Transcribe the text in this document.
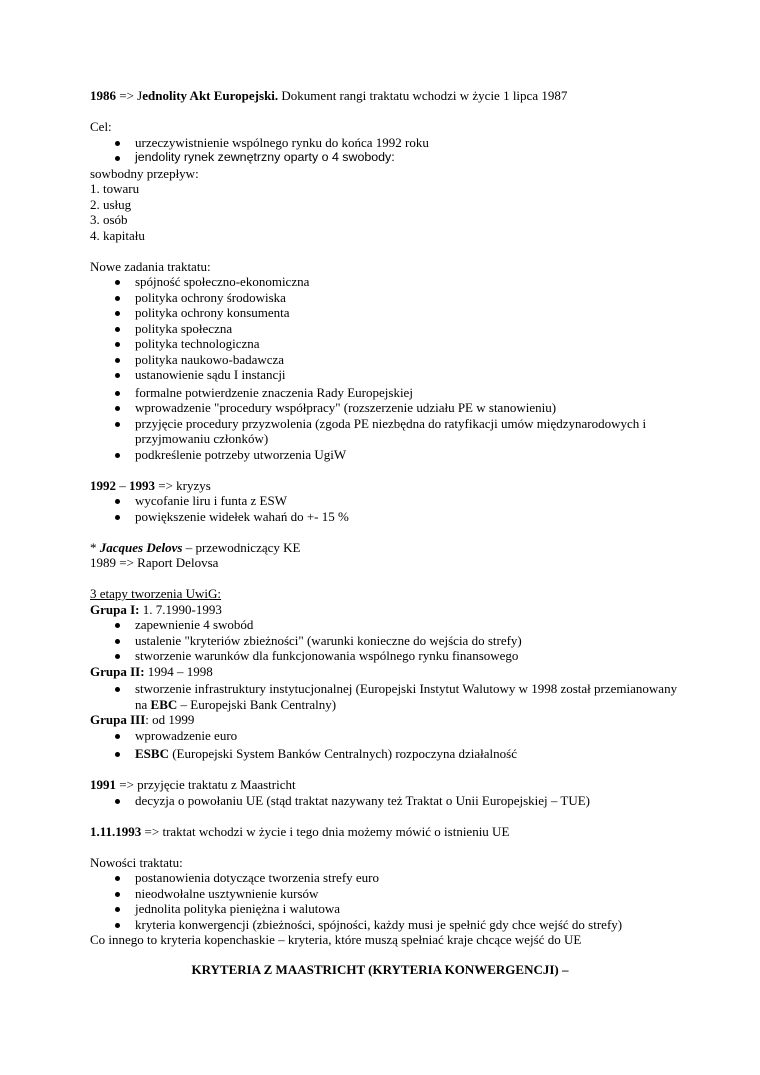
1986 => Jednolity Akt Europejski. Dokument rangi traktatu wchodzi w życie 1 lipca 1987

Cel:

urzeczywistnienie wspólnego rynku do końca 1992 roku
jendolity rynek zewnętrzny oparty o 4 swobody:

sowbodny przepływ:

1. towaru

2. usług

3. osób

4. kapitału

Nowe zadania traktatu:

spójność społeczno-ekonomiczna
polityka ochrony środowiska
polityka ochrony konsumenta
polityka społeczna
polityka technologiczna
polityka naukowo-badawcza
ustanowienie sądu I instancji
formalne potwierdzenie znaczenia Rady Europejskiej
wprowadzenie "procedury współpracy" (rozszerzenie udziału PE w stanowieniu)
przyjęcie procedury przyzwolenia (zgoda PE niezbędna do ratyfikacji umów międzynarodowych i przyjmowaniu członków)
podkreślenie potrzeby utworzenia UgiW

1992 – 1993 => kryzys

wycofanie liru i funta z ESW
powiększenie widełek wahań do +- 15 %

* Jacques Delovs – przewodniczący KE

1989 => Raport Delovsa

3 etapy tworzenia UwiG:

Grupa I: 1. 7.1990-1993

zapewnienie 4 swobód
ustalenie "kryteriów zbieżności" (warunki konieczne do wejścia do strefy)
stworzenie warunków dla funkcjonowania wspólnego rynku finansowego

Grupa II: 1994 – 1998

stworzenie infrastruktury instytucjonalnej (Europejski Instytut Walutowy w 1998 został przemianowany na EBC – Europejski Bank Centralny)

Grupa III: od 1999

wprowadzenie euro
ESBC (Europejski System Banków Centralnych) rozpoczyna działalność

1991 => przyjęcie traktatu z Maastricht

decyzja o powołaniu UE (stąd traktat nazywany też Traktat o Unii Europejskiej – TUE)

1.11.1993 => traktat wchodzi w życie i tego dnia możemy mówić o istnieniu UE

Nowości traktatu:

postanowienia dotyczące tworzenia strefy euro
nieodwołalne usztywnienie kursów
jednolita polityka pieniężna i walutowa
kryteria konwergencji (zbieżności, spójności, każdy musi je spełnić gdy chce wejść do strefy)

Co innego to kryteria kopenchaskie – kryteria, które muszą spełniać kraje chcące wejść do UE

KRYTERIA Z MAASTRICHT (KRYTERIA KONWERGENCJI) –
